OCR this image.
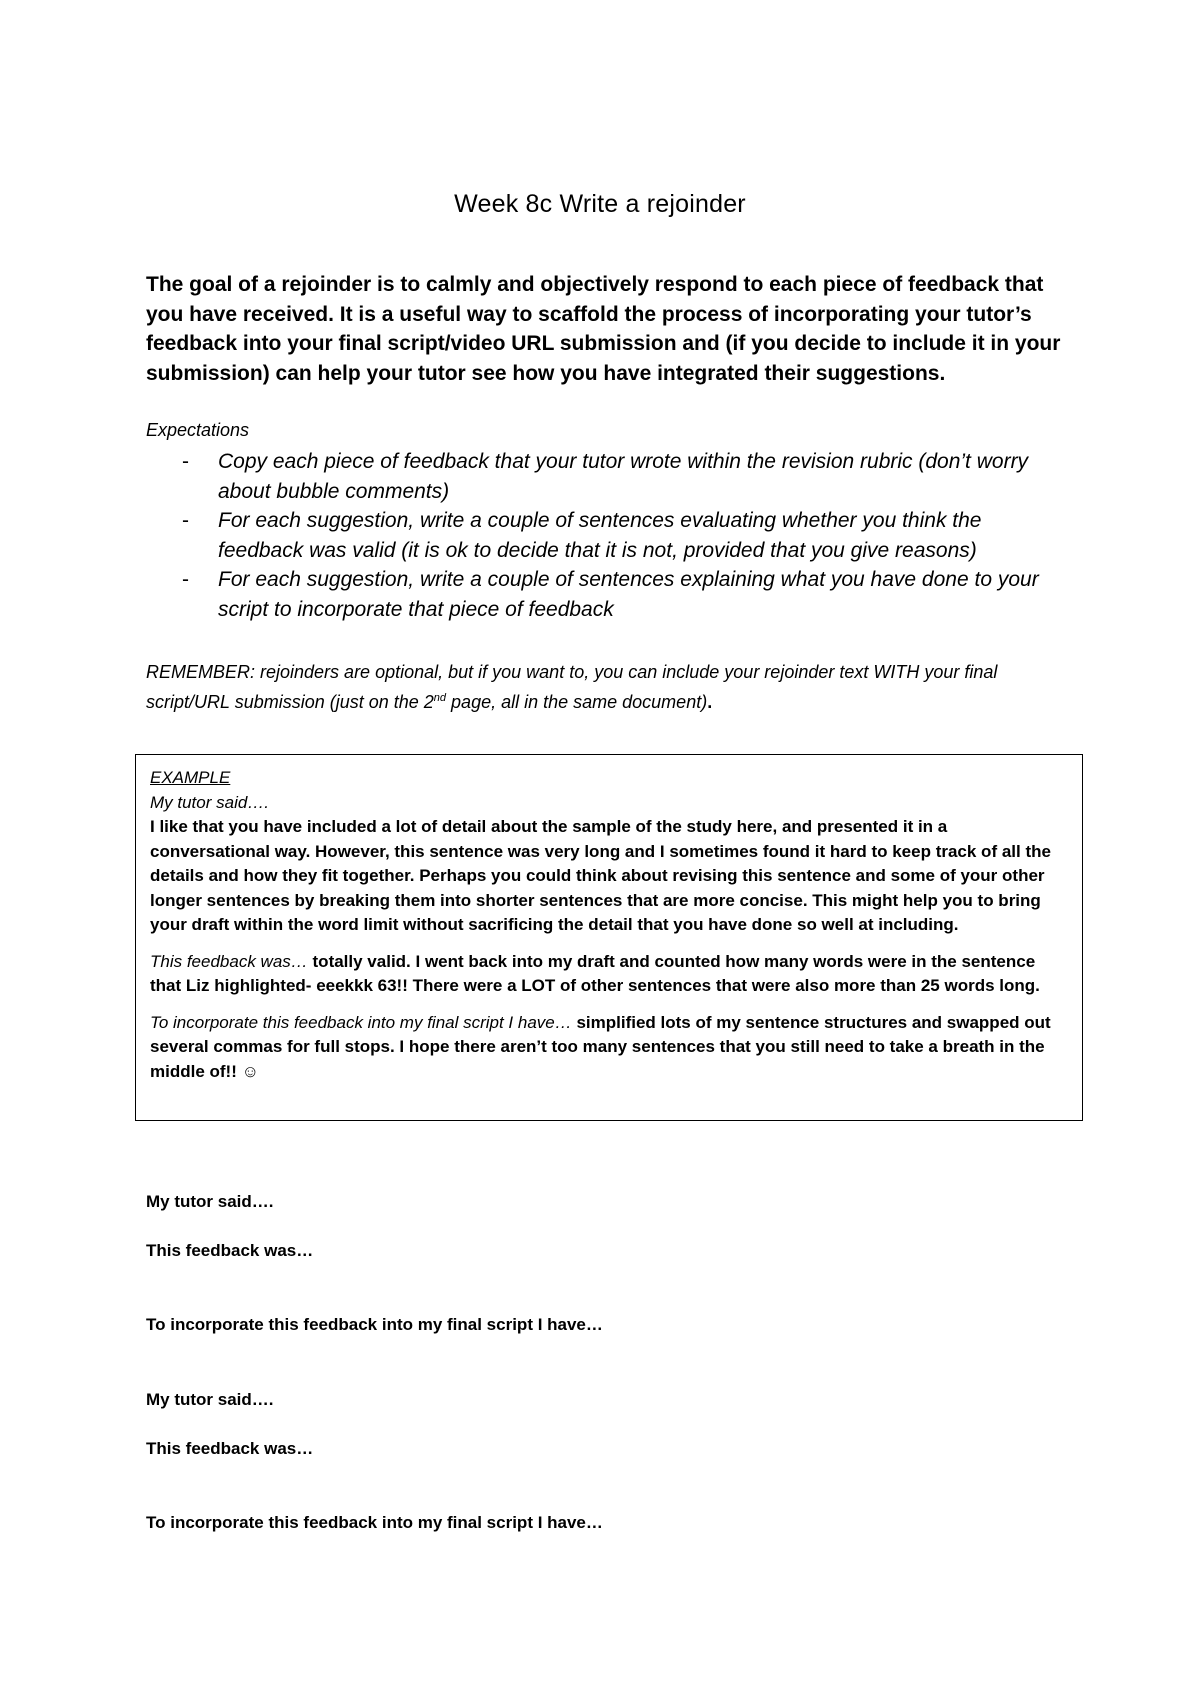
Week 8c Write a rejoinder
The goal of a rejoinder is to calmly and objectively respond to each piece of feedback that you have received. It is a useful way to scaffold the process of incorporating your tutor’s feedback into your final script/video URL submission and (if you decide to include it in your submission) can help your tutor see how you have integrated their suggestions.
Expectations
- Copy each piece of feedback that your tutor wrote within the revision rubric (don’t worry about bubble comments)
- For each suggestion, write a couple of sentences evaluating whether you think the feedback was valid (it is ok to decide that it is not, provided that you give reasons)
- For each suggestion, write a couple of sentences explaining what you have done to your script to incorporate that piece of feedback
REMEMBER: rejoinders are optional, but if you want to, you can include your rejoinder text WITH your final script/URL submission (just on the 2nd page, all in the same document).
EXAMPLE
My tutor said….

I like that you have included a lot of detail about the sample of the study here, and presented it in a conversational way. However, this sentence was very long and I sometimes found it hard to keep track of all the details and how they fit together. Perhaps you could think about revising this sentence and some of your other longer sentences by breaking them into shorter sentences that are more concise. This might help you to bring your draft within the word limit without sacrificing the detail that you have done so well at including.

This feedback was… totally valid. I went back into my draft and counted how many words were in the sentence that Liz highlighted- eeekkk 63!! There were a LOT of other sentences that were also more than 25 words long.

To incorporate this feedback into my final script I have… simplified lots of my sentence structures and swapped out several commas for full stops. I hope there aren’t too many sentences that you still need to take a breath in the middle of!! ☺

My tutor said….
This feedback was…
To incorporate this feedback into my final script I have…
My tutor said….
This feedback was…
To incorporate this feedback into my final script I have…
